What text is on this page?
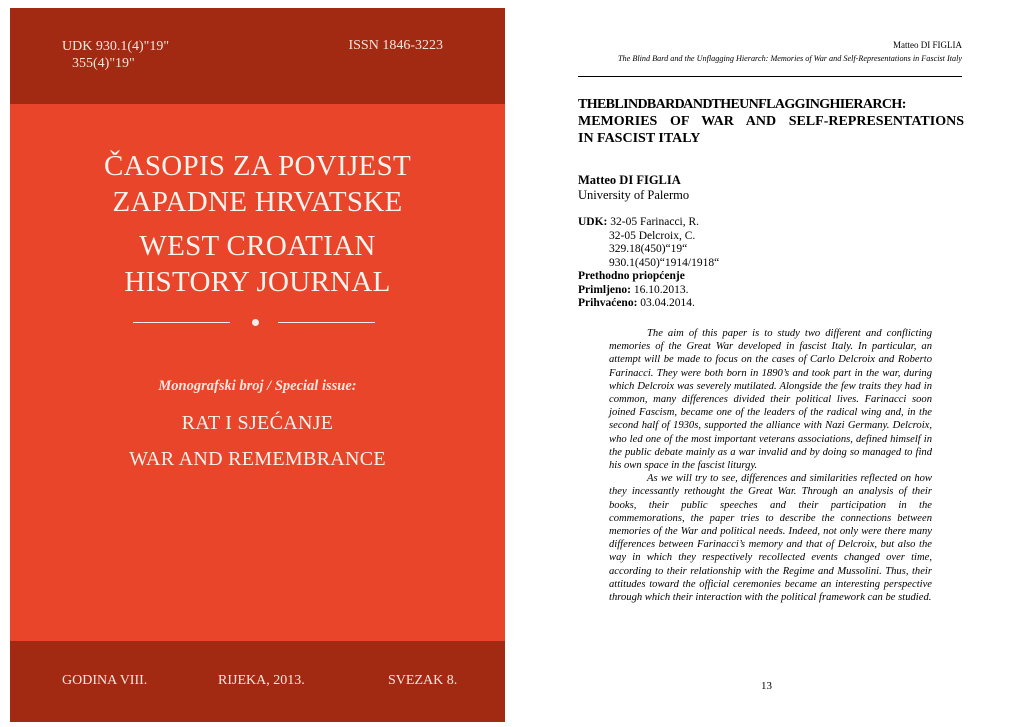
UDK 930.1(4)"19"
355(4)"19"
ISSN 1846-3223
ČASOPIS ZA POVIJEST
ZAPADNE HRVATSKE
WEST CROATIAN
HISTORY JOURNAL
Monografski broj / Special issue:
RAT I SJEĆANJE
WAR AND REMEMBRANCE
GODINA VIII.	RIJEKA, 2013.	SVEZAK 8.
Matteo DI FIGLIA
The Blind Bard and the Unflagging Hierarch: Memories of War and Self-Representations in Fascist Italy
THE BLIND BARD AND THE UNFLAGGING HIERARCH:
MEMORIES OF WAR AND SELF-REPRESENTATIONS
IN FASCIST ITALY
Matteo DI FIGLIA
University of Palermo
UDK: 32-05 Farinacci, R.
32-05 Delcroix, C.
329.18(450)“19“
930.1(450)“1914/1918“
Prethodno priopćenje
Primljeno: 16.10.2013.
Prihvaćeno: 03.04.2014.

The aim of this paper is to study two different and conflicting memories of the Great War developed in fascist Italy. In particular, an attempt will be made to focus on the cases of Carlo Delcroix and Roberto Farinacci. They were both born in 1890’s and took part in the war, during which Delcroix was severely mutilated. Alongside the few traits they had in common, many differences divided their political lives. Farinacci soon joined Fascism, became one of the leaders of the radical wing and, in the second half of 1930s, supported the alliance with Nazi Germany. Delcroix, who led one of the most important veterans associations, defined himself in the public debate mainly as a war invalid and by doing so managed to find his own space in the fascist liturgy.

As we will try to see, differences and similarities reflected on how they incessantly rethought the Great War. Through an analysis of their books, their public speeches and their participation in the commemorations, the paper tries to describe the connections between memories of the War and political needs. Indeed, not only were there many differences between Farinacci’s memory and that of Delcroix, but also the way in which they respectively recollected events changed over time, according to their relationship with the Regime and Mussolini. Thus, their attitudes toward the official ceremonies became an interesting perspective through which their interaction with the political framework can be studied.

13
